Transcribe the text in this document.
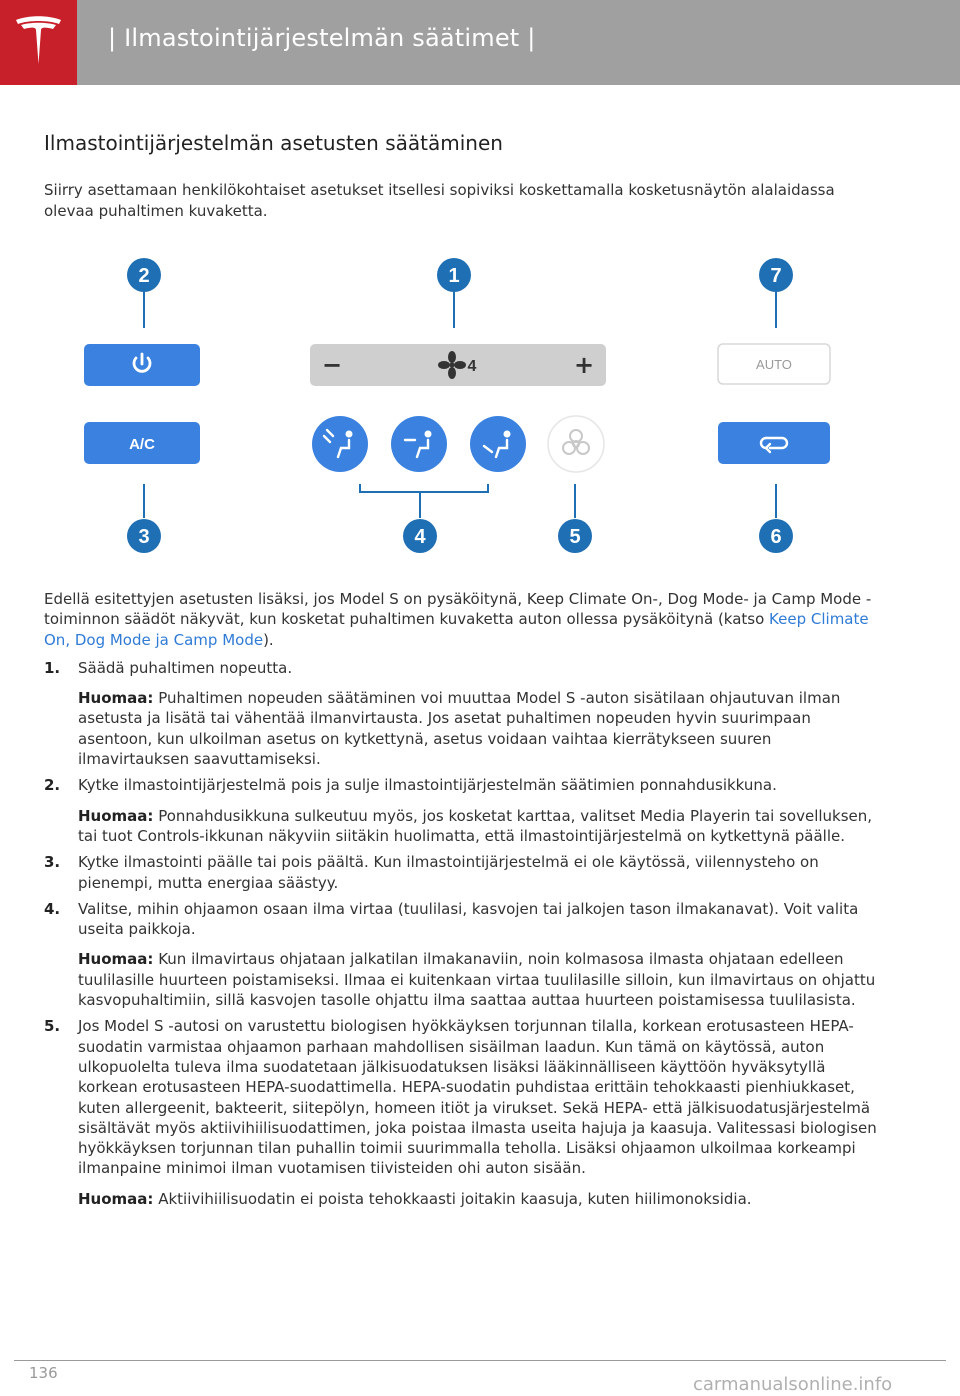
| Ilmastointijärjestelmän säätimet |
Ilmastointijärjestelmän asetusten säätäminen

Siirry asettamaan henkilökohtaiset asetukset itsellesi sopiviksi koskettamalla kosketusnäytön alalaidassa olevaa puhaltimen kuvaketta.

2	1	7
3	4	5	6
A/C
−	4	+	AUTO

Edellä esitettyjen asetusten lisäksi, jos Model S on pysäköitynä, Keep Climate On-, Dog Mode- ja Camp Mode -toiminnon säädöt näkyvät, kun kosketat puhaltimen kuvaketta auton ollessa pysäköitynä (katso Keep Climate On, Dog Mode ja Camp Mode).

1. Säädä puhaltimen nopeutta.
Huomaa: Puhaltimen nopeuden säätäminen voi muuttaa Model S -auton sisätilaan ohjautuvan ilman asetusta ja lisätä tai vähentää ilmanvirtausta. Jos asetat puhaltimen nopeuden hyvin suurimpaan asentoon, kun ulkoilman asetus on kytkettynä, asetus voidaan vaihtaa kierrätykseen suuren ilmavirtauksen saavuttamiseksi.
2. Kytke ilmastointijärjestelmä pois ja sulje ilmastointijärjestelmän säätimien ponnahdusikkuna.
Huomaa: Ponnahdusikkuna sulkeutuu myös, jos kosketat karttaa, valitset Media Playerin tai sovelluksen, tai tuot Controls-ikkunan näkyviin siitäkin huolimatta, että ilmastointijärjestelmä on kytkettynä päälle.
3. Kytke ilmastointi päälle tai pois päältä. Kun ilmastointijärjestelmä ei ole käytössä, viilennysteho on pienempi, mutta energiaa säästyy.
4. Valitse, mihin ohjaamon osaan ilma virtaa (tuulilasi, kasvojen tai jalkojen tason ilmakanavat). Voit valita useita paikkoja.
Huomaa: Kun ilmavirtaus ohjataan jalkatilan ilmakanaviin, noin kolmasosa ilmasta ohjataan edelleen tuulilasille huurteen poistamiseksi. Ilmaa ei kuitenkaan virtaa tuulilasille silloin, kun ilmavirtaus on ohjattu kasvopuhaltimiin, sillä kasvojen tasolle ohjattu ilma saattaa auttaa huurteen poistamisessa tuulilasista.
5. Jos Model S -autosi on varustettu biologisen hyökkäyksen torjunnan tilalla, korkean erotusasteen HEPA-suodatin varmistaa ohjaamon parhaan mahdollisen sisäilman laadun. Kun tämä on käytössä, auton ulkopuolelta tuleva ilma suodatetaan jälkisuodatuksen lisäksi lääkinnälliseen käyttöön hyväksytyllä korkean erotusasteen HEPA-suodattimella. HEPA-suodatin puhdistaa erittäin tehokkaasti pienhiukkaset, kuten allergeenit, bakteerit, siitepölyn, homeen itiöt ja virukset. Sekä HEPA- että jälkisuodatusjärjestelmä sisältävät myös aktiivihiilisuodattimen, joka poistaa ilmasta useita hajuja ja kaasuja. Valitessasi biologisen hyökkäyksen torjunnan tilan puhallin toimii suurimmalla teholla. Lisäksi ohjaamon ulkoilmaa korkeampi ilmanpaine minimoi ilman vuotamisen tiivisteiden ohi auton sisään.
Huomaa: Aktiivihiilisuodatin ei poista tehokkaasti joitakin kaasuja, kuten hiilimonoksidia.
136
carmanualsonline.info
